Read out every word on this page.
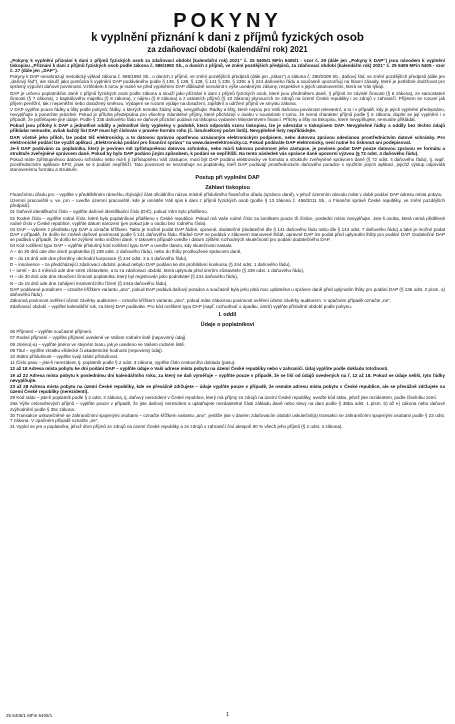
POKYNY
k vyplnění přiznání k dani z příjmů fyzických osob
za zdaňovací období (kalendářní rok) 2021

„Pokyny k vyplnění přiznání k dani z příjmů fyzických osob za zdaňovací období (kalendářní rok) 2021“ č. 25 5405/1 MFin 5405/1 - vzor č. 29 (dále jen „Pokyny k DAP“) jsou návodem k vyplnění tiskopisu „Přiznání k dani z příjmů fyzických osob podle zákona č. 586/1992 Sb., o daních z příjmů, ve znění pozdějších předpisů, za zdaňovací období (kalendářní rok) 2021“ č. 25 5405 MFin 5405 - vzor č. 27 (dále jen „DAP“).

Pokyny k DAP nenahrazují metodický výklad zákona č. 586/1992 Sb., o daních z příjmů, ve znění pozdějších předpisů (dále jen „zákon“) a zákona č. 280/2009 Sb., daňový řád, ve znění pozdějších předpisů (dále jen „daňový řád“), ale slouží jako pomůcka k vyplnění DAP podáváného podle § 135, § 136, § 138, § 141 § 238, § 239c a § 244 daňového řádu a současně upozorňují na hlavní zásady, které je potřebné dodržovat pro správný výpočet daňové povinnosti. Vzhledem k tomu je nutné se před vyplněním DAP důkladně seznámit s výše uvedenými zákony, respektive s jejich ustanoveními, která se Vás týkají.

DAP je určeno poplatníkům daně z příjmů fyzických osob podle zákona a slouží jako přiznání k dani z příjmů fyzických osob, které jsou předmětem daně, § příjmů ze závislé činnosti (§ 6 zákona), ze samostatné činnosti (§ 7 zákona), z kapitálového majetku (§ 8 zákona), z nájmu (§ 9 zákona) a z ostatních příjmů (§ 10 zákona) plynoucích ze zdrojů na území České republiky i ze zdrojů v zahraničí. Příjmem se rozumí jak příjem peněžní, tak i nepeněžní nebo dosažený směnou. Výdajem se rozumí výdaje na dosažení, zajištění a udržení příjmů ve smyslu zákona.

V DAP vyplňte pouze řádky a lišty podle pokynů; řádky, u kterých nemáte žádný údaj, nevyplňujte. Řádky a lišty, které nejsou pro Vaši daňovou povinnost relevantní, a to i v případě, kdy je jejich vyplnění předepsáno, nevyplňujte a ponechte prázdné. Pokud je příloha předepsána pro všechny zdanitelné příjmy, které přicházejí v úvahu v souvislosti s tomu, že nemá charakter příjmů podle § 6 zákona, doplní se její vyplnění i v případě, že potřebujete jiné údaje. Podle § 235 daňového řádu se daňové přiznání podává na tiskopisu vydaném Ministerstvem financí. Přílohy a lišty na tiskopisu, které nevyplňujete, nemusíte přikládat.

Pokud jsou přílohy k DAP a jednotlivé oddíly a jednotlivé listy vyplněny v podobě, která odpovídá vzoru tiskopisu, lze je odevzdat s tiskopisem DAP. Nevyplněné řádky a oddíly bez těchto údajů přikládat nemusíte, avšak každý list DAP musí být číslován v pravém horním rohu (č. listu/celkový počet listů). Nevyplněné listy nepřikládejte.

DAP, včetně jeho příloh, lze podat též elektronicky, a to datovou zprávou opatřenou uznávaným elektronickým podpisem, nebo datovou zprávou odeslanou prostřednictvím datové schránky. Pro elektronické podání lze využít aplikaci „Elektronická podání pro finanční správu“ na www.daneelektronicky.cz. Pokud podáváte DAP elektronicky, není nutné ho tisknout ani podepisovat.

Je-li DAP podáváno za poplatníka, který je povinen mít zpřístupněnou datovou schránku, nebo má-li takovou povinnost jeho zástupce, je povinen podat DAP pouze datovou zprávou ve formátu a struktuře zveřejněné správcem daně. Pokud by bylo DAP podáno jiným způsobem, k podání se nepřihlíží. Na tento následek vás správce daně upozorní výzvou (§ 72 odst. 4 daňového řádu).

Pokud máte zpřístupněnou datovou schránku nebo má-li ji zpřístupněnu Váš zástupce, musí být DAP podáno elektronicky ve formátu a struktuře zveřejněné správcem daně (§ 72 odst. 4 daňového řádu), tj. např. prostřednictvím aplikace EPO, jinak se k podání nepřihlíží. Tato povinnost se nevztahuje na poplatníky, kteří DAP podávají prostřednictvím daňového poradce s využitím jiných aplikací, jejichž výstup odpovídá stanovenému formátu a struktuře.

Postup při vyplnění DAP
Záhlaví tiskopisu

Finančnímu úřadu pro – vyplňte v předtištěném rámečku zbývající část oficiálního názvu místně příslušného finančního úřadu (správce daně), v jehož územním obvodu máte v době podání DAP adresu místa pobytu.

Územní pracoviště v, ve, pro – uveďte územní pracoviště, kde je umístěn Váš spis k dani z příjmů fyzických osob (podle § 13 zákona č. 456/2011 Sb., o Finanční správě České republiky, ve znění pozdějších předpisů).

01 Daňové identifikační číslo – vyplňte daňové identifikační číslo (DIČ), pokud Vám bylo přiděleno.

02 Rodné číslo – vyplňte rodné číslo, které bylo poplatníkovi přiděleno v České republice. Pokud má Vaše rodné číslo za lomítkem pouze tři číslice, poslední místo nevyplňujte. Jste-li osoba, která nemá přidělené rodné číslo v České republice, vyplňte datum narození (jen pokud jde o osobu bez rodného čísla).

03 DAP – vyberte z předtisku typ DAP a označte křížkem. Takto je možné podat DAP řádné, opravné, dodatečné (dodatečné dle § 141 daňového řádu nebo dle § 143 odst. 7 daňového řádu) a také je možné podat DAP v případě, že došlo ke změně daňové povinnosti podle § 141 daňového řádu. Řádné DAP se podává v zákonem stanovené lhůtě, opravné DAP lze podat před uplynutím lhůty pro podání DAP. Dodatečné DAP se podává v případě, že došlo ke zvýšení nebo snížení daně. V takovém případě uveďte i datum zjištění rozhodných skutečností pro podání dodatečného DAP.

04 Kód rozlišení typu DAP – vyplňte příslušný kód rozlišení typu DAP a uveďte datum, kdy skutečnosti nastala

A – do 30 dnů ode dne úmrtí poplatníka (§ 239 odst. 2 daňového řádu), nebo do lhůty prodloužené správcem daně,

B – do 15 dnů ode dne přeměny obchodní korporace (§ 244 odst. 3 a 4 daňového řádu),

D – insolvence – za předcházející zdaňovací období, pokud nebylo DAP podáno ke dni prohlášení konkursu (§ 244 odst. 1 daňového řádu),

I – úmrtí – do 3 měsíců ode dne smrti zůstavitele, a to za zdaňovací období, která uplynula před úmrtím zůstavitele (§ 239 odst. 1 daňového řádu),

H – do 30 dnů ode dne skončení činnosti poplatníka, který byl registrován jako podnikatel (§ 244 daňového řádu),

N – do 15 dnů ode dne zahájení insolvenčního řízení (§ 244a daňového řádu),

DAP podávané poradcem – označte křížkem variantu „ano“, pokud DAP podává daňový poradce a současně byla jeho plná moc uplatněna u správce daně před uplynutím lhůty pro podání DAP (§ 136 odst. 2 písm. a) daňového řádu).

Zákonná povinnost ověření účetní závěrky auditorem – označte křížkem variantu „ano“, pokud máte zákonnou povinnost ověření účetní závěrky auditorem. V opačném případě označte „ne“.

Zdaňovací období – vyplňte kalendářní rok, za který DAP podáváte. Pro kód rozlišení typu DAP (např. rozhodnutí o úpadku, úmrtí) vyplňte příslušné období podle pokynu.

I. oddíl
Údaje o poplatníkovi

06 Příjmení – vyplňte současné příjmení.

07 Rodné příjmení – vyplňte příjmení uvedené ve Vašem rodném listě (nepovinný údaj).

08 Jméno(-a) – vyplňte jméno ve stejném tvaru, jak je uvedeno ve Vašem rodném listě.

09 Titul – vyplňte zkratku vědecké či akademické hodnosti (nepovinný údaj).

10 Státní příslušnost – vyplňte svoji státní příslušnost.

11 Číslo pasu – jste-li nerezident, tj. poplatník podle § 2 odst. 3 zákona, vyplňte číslo cestovního dokladu (pasu).

12 až 18 Adresa místa pobytu ke dni podání DAP – vyplňte údaje o Vaší adrese místa pobytu na území České republiky nebo v zahraničí. Údaj vyplňte podle dokladu totožnosti.

19 až 22 Adresa místa pobytu k poslednímu dni kalendářního roku, za který se daň vyměřuje – vyplňte pouze v případě, že se liší od údajů uvedených na ř. 12 až 18. Pokud se údaje neliší, tyto řádky nevyplňujte.

23 až 28 Adresa místa pobytu na území České republiky, kde se převážně zdržujete – údaje vyplňte pouze v případě, že nemáte adresu místa pobytu v České republice, ale se převážně zdržujete na území České republiky (nerezidenti).

29 Kód státu – jste-li poplatník podle § 2 odst. 3 zákona, tj. daňový nerezident v České republice, který má příjmy ze zdrojů na území České republiky, uveďte kód státu, jehož jste rezidentem, podle číselníku zemí.

29a Výše celosvětových příjmů – vyplňte pouze v případě, že jste daňový nerezident a uplatňujete nezdanitelné části základu daně nebo slevy na dani podle § 35ba odst. 1 písm. b) až e) zákona nebo daňové zvýhodnění podle § 35c zákona.

30 Transakce uskutečněné se zahraničními spojenými osobami – označte křížkem variantu „ano“, jestliže jste v daném zdaňovacím období uskutečnil(a) transakci se zahraničními spojenými osobami podle § 23 odst. 7 zákona. V opačném případě označte „ne“.

31 Vyplní se jen u poplatníka, jehož úhrn příjmů ze zdrojů na území České republiky a ze zdrojů v zahraničí činí alespoň 90 % všech jeho příjmů (§ 2 odst. 3 zákona).

25 5405/1 MFin 5405/1	1
